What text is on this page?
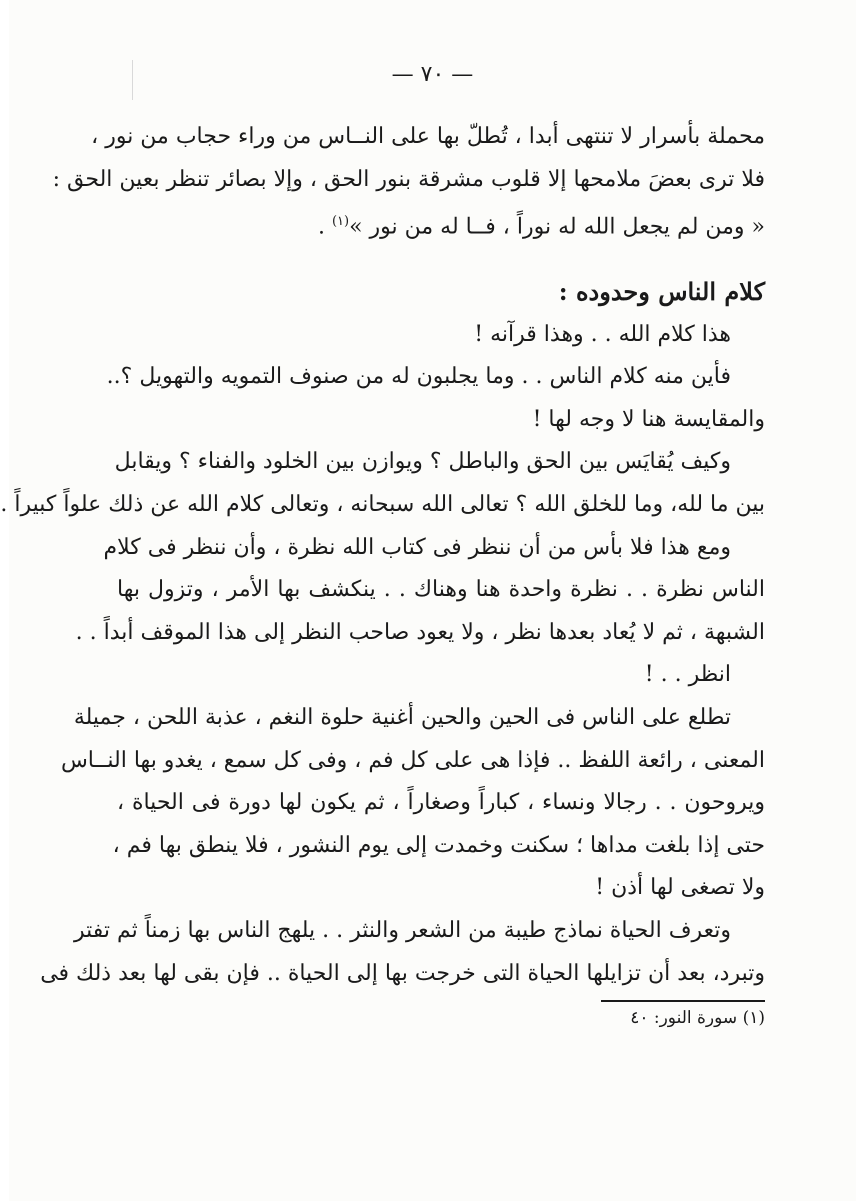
— ٧٠ —
محملة بأسرار لا تنتهى أبدا ، تُطلّ بها على النــاس من وراء حجاب من نور ،
فلا ترى بعضَ ملامحها إلا قلوب مشرقة بنور الحق ، وإلا بصائر تنظر بعين الحق :
« ومن لم يجعل الله له نوراً ، فــا له من نور »$^{(١)}$ .
كلام الناس وحدوده :
هذا كلام الله . . وهذا قرآنه !
فأين منه كلام الناس . . وما يجلبون له من صنوف التمويه والتهويل ؟..
والمقايسة هنا لا وجه لها !
وكيف يُقايَس بين الحق والباطل ؟ ويوازن بين الخلود والفناء ؟ ويقابل
بين ما لله، وما للخلق الله ؟ تعالى الله سبحانه ، وتعالى كلام الله عن ذلك علواً كبيراً .
ومع هذا فلا بأس من أن ننظر فى كتاب الله نظرة ، وأن ننظر فى كلام
الناس نظرة . . نظرة واحدة هنا وهناك . . ينكشف بها الأمر ، وتزول بها
الشبهة ، ثم لا يُعاد بعدها نظر ، ولا يعود صاحب النظر إلى هذا الموقف أبداً . .
انظر . . !
تطلع على الناس فى الحين والحين أغنية حلوة النغم ، عذبة اللحن ، جميلة
المعنى ، رائعة اللفظ .. فإذا هى على كل فم ، وفى كل سمع ، يغدو بها النــاس
ويروحون . . رجالا ونساء ، كباراً وصغاراً ، ثم يكون لها دورة فى الحياة ،
حتى إذا بلغت مداها ؛ سكنت وخمدت إلى يوم النشور ، فلا ينطق بها فم ،
ولا تصغى لها أذن !
وتعرف الحياة نماذج طيبة من الشعر والنثر . . يلهج الناس بها زمناً ثم تفتر
وتبرد، بعد أن تزايلها الحياة التى خرجت بها إلى الحياة .. فإن بقى لها بعد ذلك فى
(١) سورة النور: ٤٠
